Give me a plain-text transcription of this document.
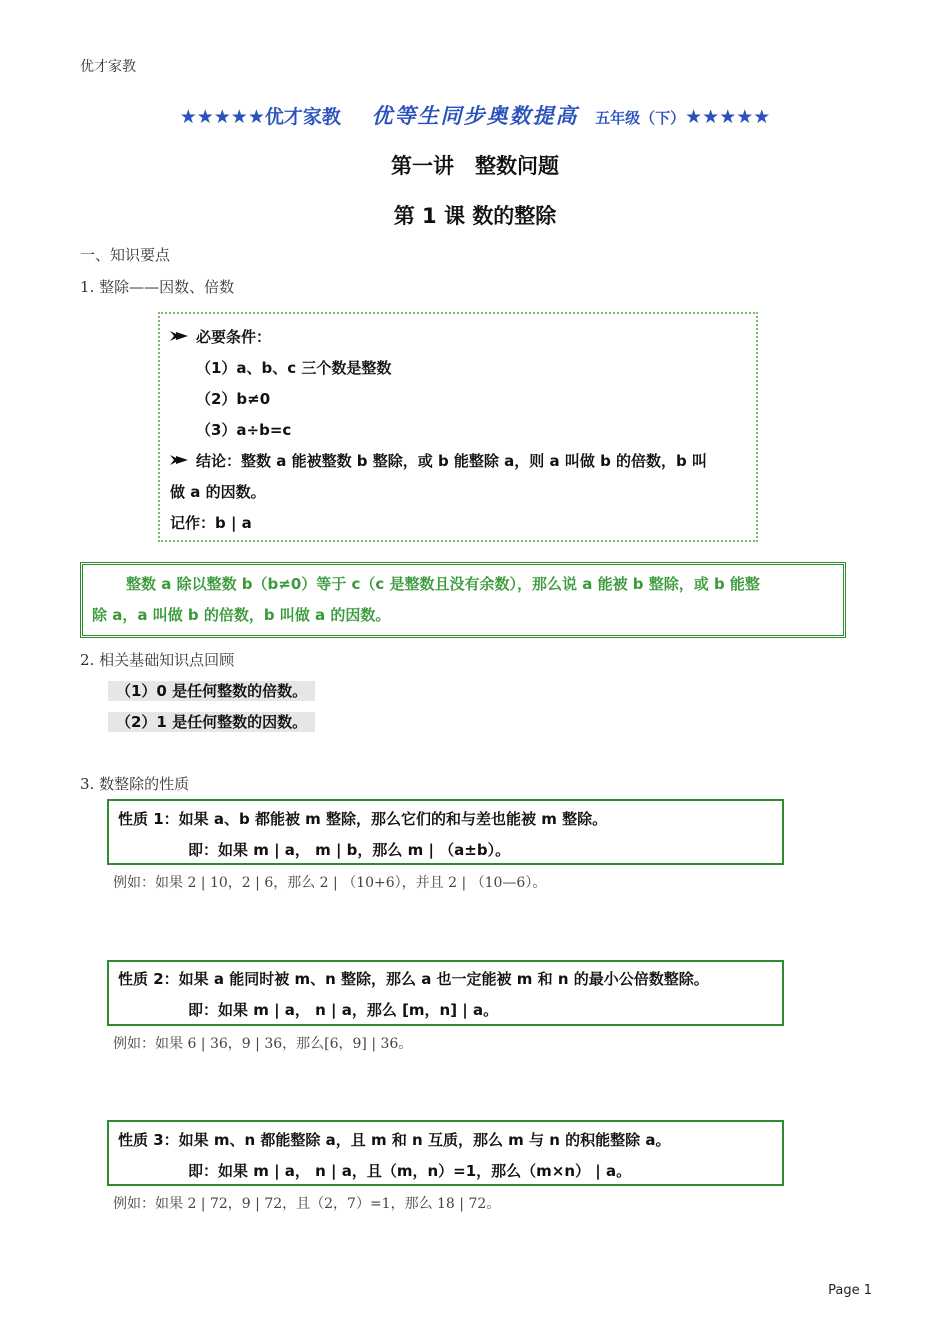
优才家教
★★★★★优才家教 优等生同步奥数提高 五年级（下）★★★★★
第一讲　整数问题
第 1 课 数的整除
一、知识要点
1. 整除——因数、倍数
必要条件：
（1）a、b、c 三个数是整数
（2）b≠0
（3）a÷b=c
结论：整数 a 能被整数 b 整除，或 b 能整除 a，则 a 叫做 b 的倍数，b 叫
做 a 的因数。
记作：b | a
整数 a 除以整数 b（b≠0）等于 c（c 是整数且没有余数），那么说 a 能被 b 整除，或 b 能整
除 a，a 叫做 b 的倍数，b 叫做 a 的因数。
2. 相关基础知识点回顾
（1）0 是任何整数的倍数。
（2）1 是任何整数的因数。
3. 数整除的性质
性质 1：如果 a、b 都能被 m 整除，那么它们的和与差也能被 m 整除。
即：如果 m | a， m | b，那么 m | （a±b）。
例如：如果 2 | 10，2 | 6，那么 2 | （10+6），并且 2 | （10—6）。
性质 2：如果 a 能同时被 m、n 整除，那么 a 也一定能被 m 和 n 的最小公倍数整除。
即：如果 m | a， n | a，那么 [m，n] | a。
例如：如果 6 | 36，9 | 36，那么[6，9] | 36。
性质 3：如果 m、n 都能整除 a，且 m 和 n 互质，那么 m 与 n 的积能整除 a。
即：如果 m | a， n | a，且（m，n）=1，那么（m×n） | a。
例如：如果 2 | 72，9 | 72，且（2，7）=1，那么 18 | 72。
Page 1
